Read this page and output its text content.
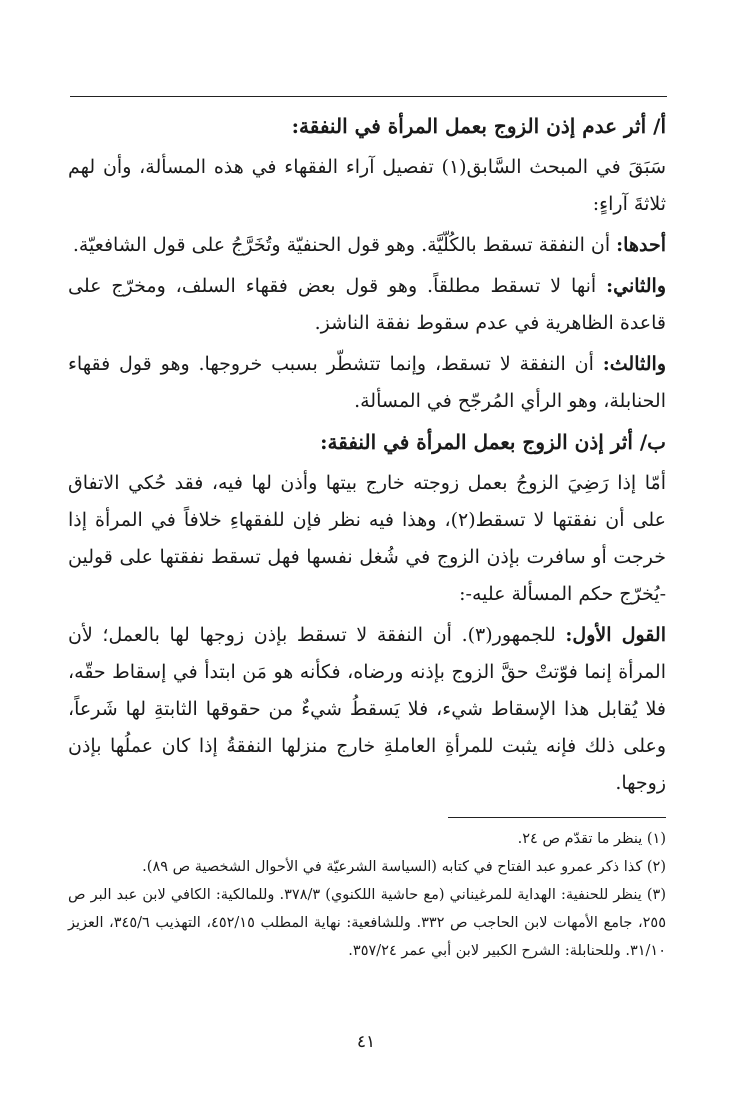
أ/ أثر عدم إذن الزوج بعمل المرأة في النفقة:

سَبَقَ في المبحث السَّابق(١) تفصيل آراء الفقهاء في هذه المسألة، وأن لهم ثلاثةَ آراءٍ:

أحدها: أن النفقة تسقط بالكُلّيَّة. وهو قول الحنفيّة وتُخَرَّجُ على قول الشافعيّة.

والثاني: أنها لا تسقط مطلقاً. وهو قول بعض فقهاء السلف، ومخرّج على قاعدة الظاهرية في عدم سقوط نفقة الناشز.

والثالث: أن النفقة لا تسقط، وإنما تتشطّر بسبب خروجها. وهو قول فقهاء الحنابلة، وهو الرأي المُرجّح في المسألة.

ب/ أثر إذن الزوج بعمل المرأة في النفقة:

أمّا إذا رَضِيَ الزوجُ بعمل زوجته خارج بيتها وأذن لها فيه، فقد حُكي الاتفاق على أن نفقتها لا تسقط(٢)، وهذا فيه نظر فإن للفقهاءِ خلافاً في المرأة إذا خرجت أو سافرت بإذن الزوج في شُغل نفسها فهل تسقط نفقتها على قولين -يُخرّج حكم المسألة عليه-:

القول الأول: للجمهور(٣). أن النفقة لا تسقط بإذن زوجها لها بالعمل؛ لأن المرأة إنما فوّتتْ حقَّ الزوج بإذنه ورضاه، فكأنه هو مَن ابتدأ في إسقاط حقّه، فلا يُقابل هذا الإسقاط شيء، فلا يَسقطُ شيءٌ من حقوقها الثابتةِ لها شَرعاً، وعلى ذلك فإنه يثبت للمرأةِ العاملةِ خارج منزلها النفقةُ إذا كان عملُها بإذن زوجها.

(١) ينظر ما تقدّم ص ٢٤.

(٢) كذا ذكر عمرو عبد الفتاح في كتابه (السياسة الشرعيّة في الأحوال الشخصية ص ٨٩).

(٣) ينظر للحنفية: الهداية للمرغيناني (مع حاشية اللكنوي) ٣٧٨/٣. وللمالكية: الكافي لابن عبد البر ص ٢٥٥، جامع الأمهات لابن الحاجب ص ٣٣٢. وللشافعية: نهاية المطلب ٤٥٢/١٥، التهذيب ٣٤٥/٦، العزيز ٣١/١٠. وللحنابلة: الشرح الكبير لابن أبي عمر ٣٥٧/٢٤.

٤١
